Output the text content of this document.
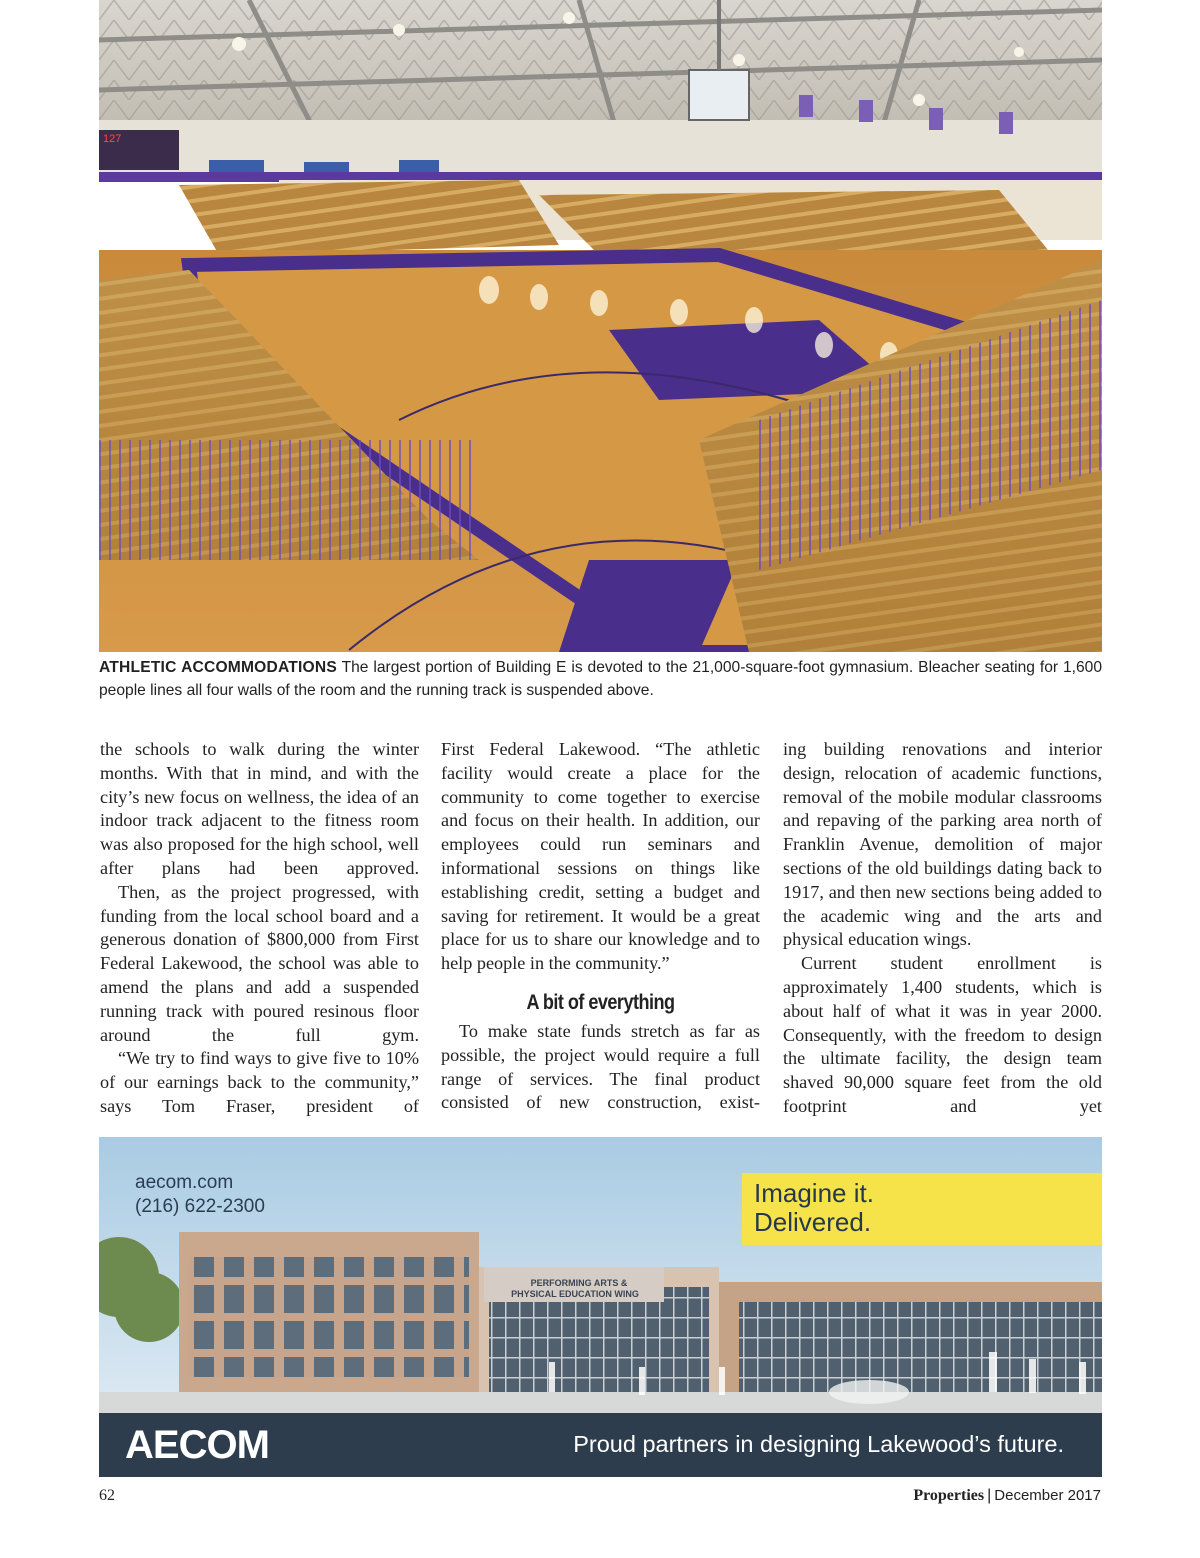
127
ATHLETIC ACCOMMODATIONS The largest portion of Building E is devoted to the 21,000-square-foot gymnasium. Bleacher seating for 1,600 people lines all four walls of the room and the running track is suspended above.

the schools to walk during the winter months. With that in mind, and with the city’s new focus on wellness, the idea of an indoor track adjacent to the fitness room was also proposed for the high school, well after plans had been approved.

Then, as the project progressed, with funding from the local school board and a generous donation of $800,000 from First Federal Lakewood, the school was able to amend the plans and add a suspended running track with poured resinous floor around the full gym.

“We try to find ways to give five to 10% of our earnings back to the community,” says Tom Fraser, president of

First Federal Lakewood. “The athletic facility would create a place for the community to come together to exercise and focus on their health. In addition, our employees could run seminars and informational sessions on things like establishing credit, setting a budget and saving for retirement. It would be a great place for us to share our knowledge and to help people in the community.”

A bit of everything

To make state funds stretch as far as possible, the project would require a full range of services. The final product consisted of new construction, exist-

ing building renovations and interior design, relocation of academic functions, removal of the mobile modular classrooms and repaving of the parking area north of Franklin Avenue, demolition of major sections of the old buildings dating back to 1917, and then new sections being added to the academic wing and the arts and physical education wings.

Current student enrollment is approximately 1,400 students, which is about half of what it was in year 2000. Consequently, with the freedom to design the ultimate facility, the design team shaved 90,000 square feet from the old footprint and yet

PERFORMING ARTS &
PHYSICAL EDUCATION WING
aecom.com
(216) 622-2300	Imagine it.
Delivered.
AECOM	Proud partners in designing Lakewood’s future.
62	Properties | December 2017
